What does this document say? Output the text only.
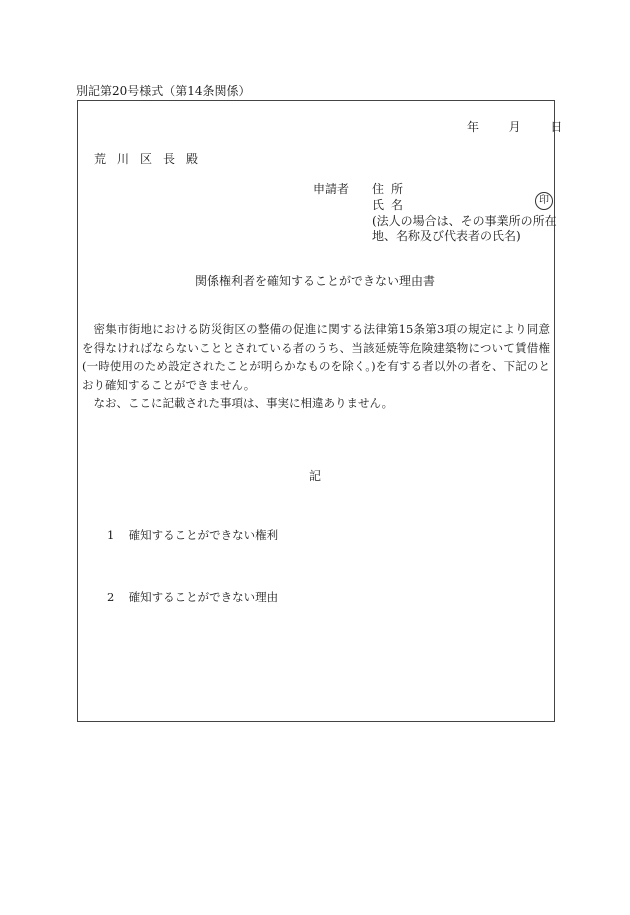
別記第20号様式（第14条関係）
年 月 日
荒川区長殿
申請者 住所
氏名	印
(法人の場合は、その事業所の所在
地、名称及び代表者の氏名)
関係権利者を確知することができない理由書

密集市街地における防災街区の整備の促進に関する法律第15条第3項の規定により同意を得なければならないこととされている者のうち、当該延焼等危険建築物について賃借権(一時使用のため設定されたことが明らかなものを除く。)を有する者以外の者を、下記のとおり確知することができません。

なお、ここに記載された事項は、事実に相違ありません。

記
1 確知することができない権利
2 確知することができない理由
